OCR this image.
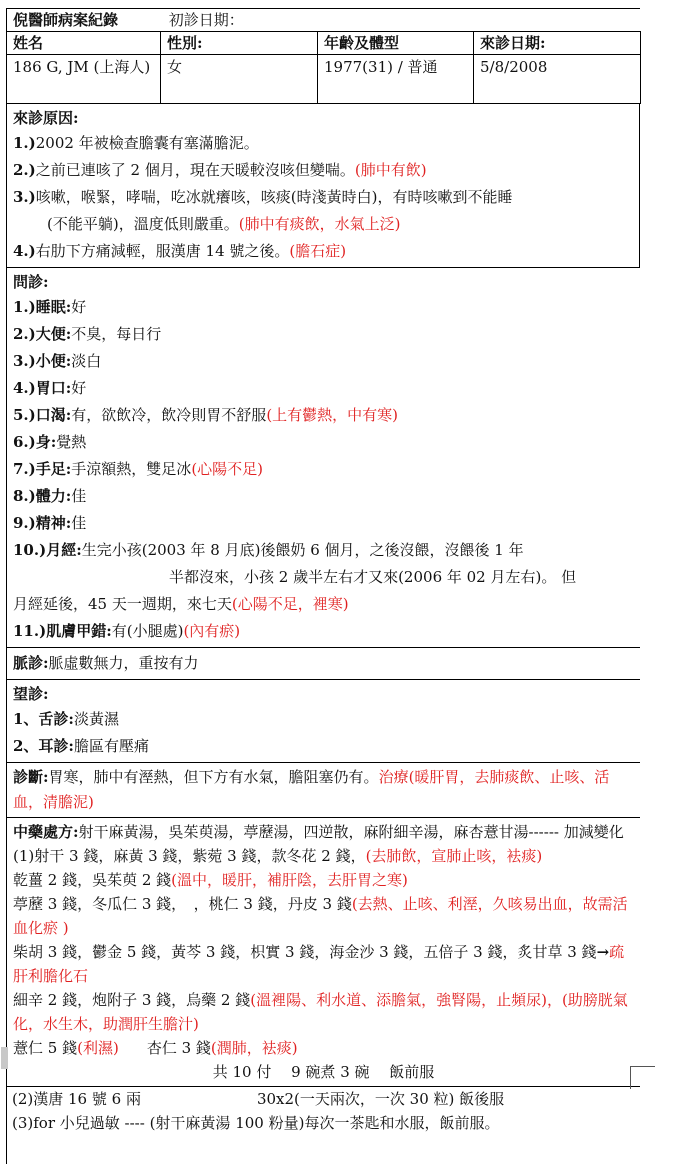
倪醫師病案紀錄	初診日期：
姓名	性別:	年齡及體型	來診日期:
186 G, JM (上海人)	女	1977(31) / 普通	5/8/2008
來診原因:
1.)2002 年被檢查膽囊有塞滿膽泥。
2.)之前已連咳了 2 個月，現在天暖較沒咳但變喘。(肺中有飲)
3.)咳嗽，喉緊，哮喘，吃冰就癢咳，咳痰(時淺黃時白)，有時咳嗽到不能睡
(不能平躺)，溫度低則嚴重。(肺中有痰飲，水氣上泛)
4.)右肋下方痛減輕，服漢唐 14 號之後。(膽石症)
問診:
1.)睡眠:好
2.)大便:不臭，每日行
3.)小便:淡白
4.)胃口:好
5.)口渴:有，欲飲冷，飲冷則胃不舒服(上有鬱熱，中有寒)
6.)身:覺熱
7.)手足:手涼額熱，雙足冰(心陽不足)
8.)體力:佳
9.)精神:佳
10.)月經:生完小孩(2003 年 8 月底)後餵奶 6 個月，之後沒餵，沒餵後 1 年
半都沒來，小孩 2 歲半左右才又來(2006 年 02 月左右)。 但
月經延後，45 天一週期，來七天(心陽不足，裡寒)
11.)肌膚甲錯:有(小腿處)(內有瘀)
脈診:脈虛數無力，重按有力
望診:
1、舌診:淡黃濕
2、耳診:膽區有壓痛
診斷:胃寒，肺中有溼熱，但下方有水氣，膽阻塞仍有。治療(暖肝胃，去肺痰飲、止咳、活血，清膽泥)
中藥處方:射干麻黃湯，吳茱萸湯，葶藶湯，四逆散，麻附細辛湯，麻杏薏甘湯------ 加減變化
(1)射干 3 錢，麻黃 3 錢，紫菀 3 錢，款冬花 2 錢，(去肺飲，宣肺止咳，袪痰)
乾薑 2 錢，吳茱萸 2 錢(溫中，暖肝，補肝陰，去肝胃之寒)
葶藶 3 錢，冬瓜仁 3 錢，　，桃仁 3 錢，丹皮 3 錢(去熱、止咳、利溼，久咳易出血，故需活血化瘀 )
柴胡 3 錢，鬱金 5 錢，黃芩 3 錢，枳實 3 錢，海金沙 3 錢，五倍子 3 錢，炙甘草 3 錢→疏肝利膽化石
細辛 2 錢，炮附子 3 錢，烏藥 2 錢(溫裡陽、利水道、添膽氣，強腎陽，止頻尿)，(助膀胱氣化，水生木，助潤肝生膽汁)
薏仁 5 錢(利濕) 杏仁 3 錢(潤肺，袪痰)
共 10 付　 9 碗煮 3 碗　 飯前服
(2)漢唐 16 號 6 兩	30x2(一天兩次，一次 30 粒) 飯後服
(3)for 小兒過敏 ---- (射干麻黃湯 100 粉量)每次一茶匙和水服，飯前服。
